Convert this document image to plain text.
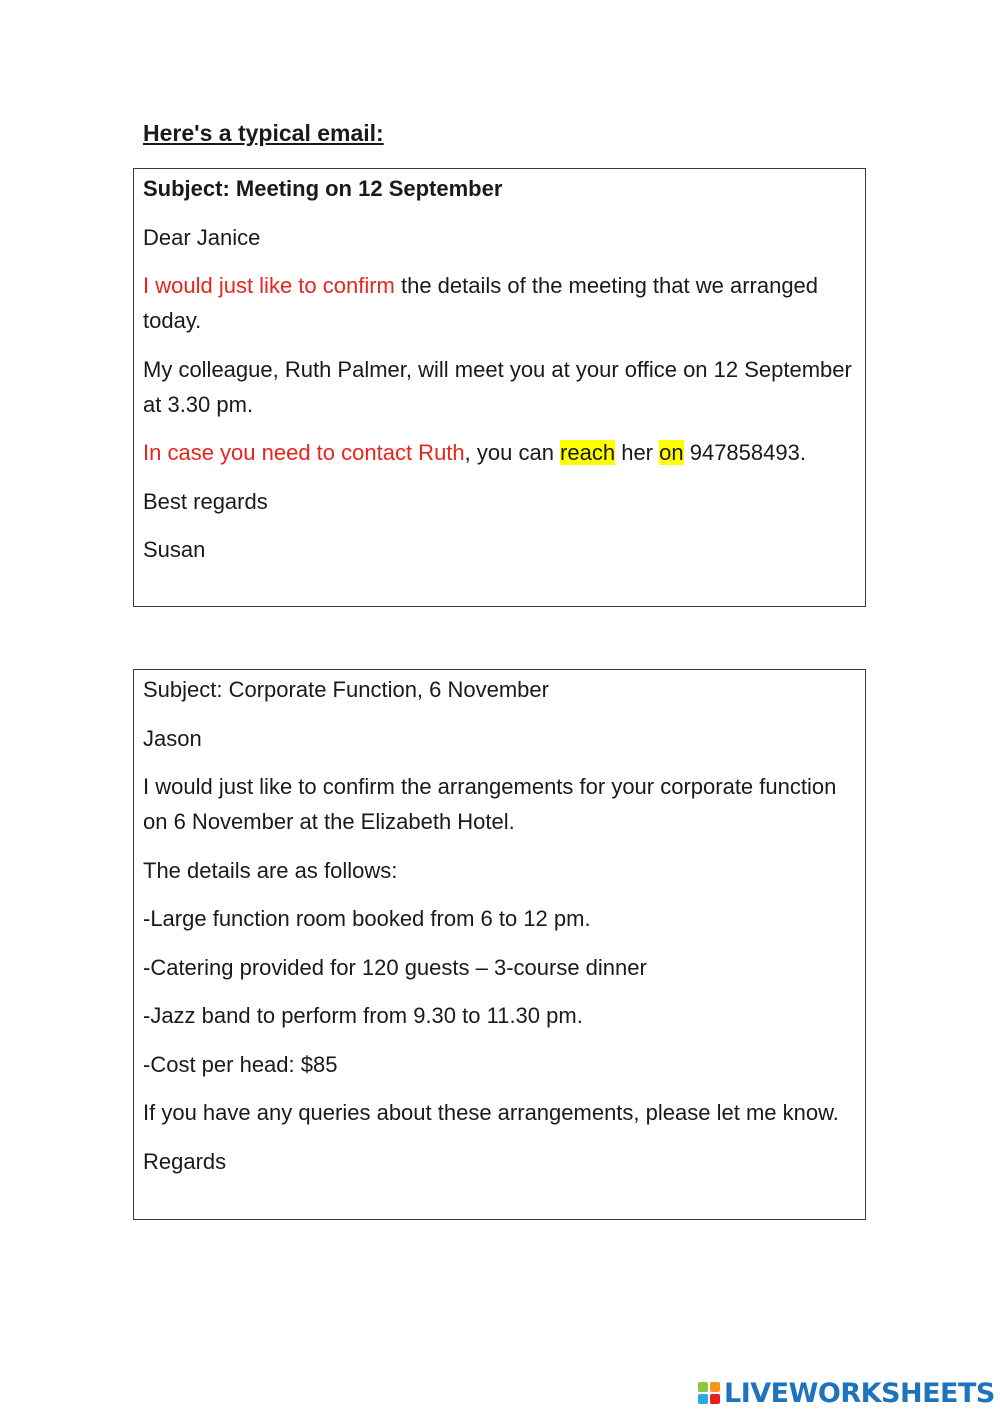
Here's a typical email:

Subject: Meeting on 12 September

Dear Janice

I would just like to confirm the details of the meeting that we arranged today.

My colleague, Ruth Palmer, will meet you at your office on 12 September at 3.30 pm.

In case you need to contact Ruth, you can reach her on 947858493.

Best regards

Susan

Subject: Corporate Function, 6 November

Jason

I would just like to confirm the arrangements for your corporate function on 6 November at the Elizabeth Hotel.

The details are as follows:

-Large function room booked from 6 to 12 pm.

-Catering provided for 120 guests – 3-course dinner

-Jazz band to perform from 9.30 to 11.30 pm.

-Cost per head: $85

If you have any queries about these arrangements, please let me know.

Regards

LIVEWORKSHEETS
